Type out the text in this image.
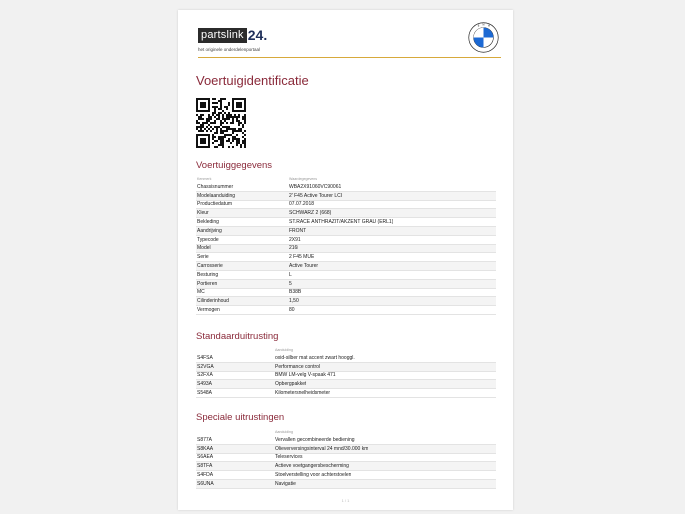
partslink 24.
het originele onderdelenportaal
B M W
Voertuigidentificatie
Voertuiggegevens
Kenmerk	Waardegegevens
Chassisnummer	WBA2X91060VC90061
Modelaanduiding	2' F45 Active Tourer LCI
Productiedatum	07.07.2018
Kleur	SCHWARZ 2 (668)
Bekleding	ST.RACE ANTHRAZIT/AKZENT GRAU (ERL1)
Aandrijving	FRONT
Typecode	2X91
Model	216i
Serie	2 F45 MUE
Carrosserie	Active Tourer
Besturing	L
Portieren	5
MC	B38B
Cilinderinhoud	1,50
Vermogen	80
Standaarduitrusting
Aanduiding
S4FSA	oxid-silber mat accent zwart hooggl.
S2VGA	Performance control
S2FXA	BMW LM-velg V-spaak 471
S493A	Opbergpakket
S548A	Kilometersnelheidsmeter
Speciale uitrustingen
Aanduiding
S877A	Vervallen gecombineerde bediening
S8KAA	Olieverversingsinterval 24 mnd/30.000 km
S6AEA	Teleservices
S8TFA	Actieve voetgangersbescherming
S4FDA	Stoelverstelling voor achterstoelen
S6UNA	Navigatie
1 / 1
